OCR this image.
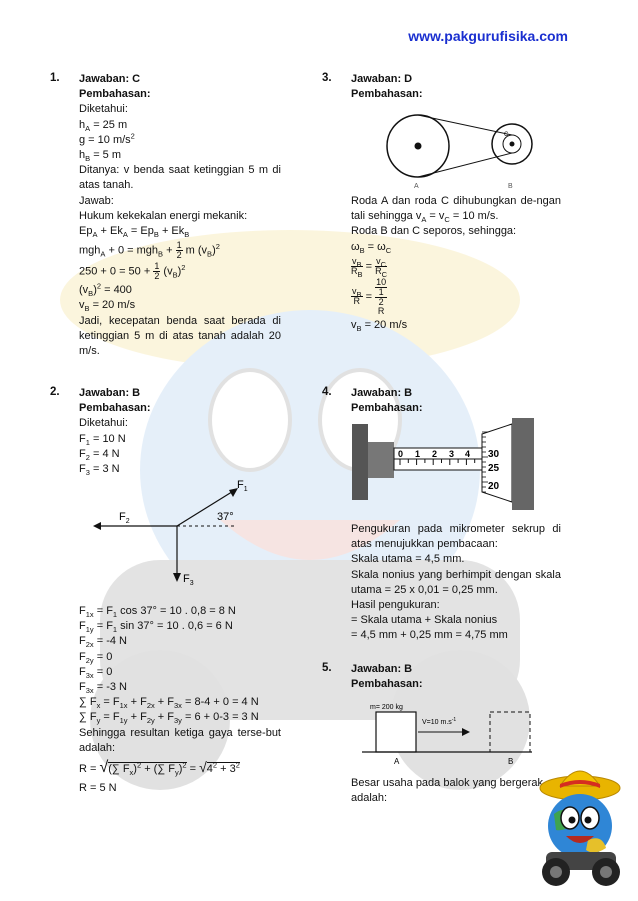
www.pakgurufisika.com
1. Jawaban: C
Pembahasan:
Diketahui:
$h_A = 25$ m
g = 10 $m/s^2$
$h_B = 5$ m
Ditanya: v benda saat ketinggian 5 m di atas tanah.
Jawab:
Hukum kekekalan energi mekanik:
$Ep_A + Ek_A = Ep_B + Ek_B$
$mgh_A + 0 = mgh_B + \frac{1}{2}$ m $(v_B)^2$
$250 + 0 = 50 + \frac{1}{2} (v_B)^2$
$(v_B)^2 = 400$
$v_B = 20$ m/s
Jadi, kecepatan benda saat berada di ketinggian 5 m di atas tanah adalah 20 m/s.
2. Jawaban: B
Pembahasan:
Diketahui:
$F_1 = 10$ N
$F_2 = 4$ N
$F_3 = 3$ N
$F_1$
$F_2$
$F_3$
37°
$F_{1x} = F_1$ cos 37° = 10 . 0,8 = 8 N
$F_{1y} = F_1$ sin 37° = 10 . 0,6 = 6 N
$F_{2x} = -4$ N
$F_{2y} = 0$
$F_{3x} = 0$
$F_{3x} = -3$ N
∑ $F_x = F_{1x} + F_{2x} + F_{3x} = 8-4 + 0 = 4$ N
∑ $F_y = F_{1y} + F_{2y} + F_{3y} = 6 + 0-3 = 3$ N
Sehingga resultan ketiga gaya terse-but adalah:
R = √(∑ $F_x)^2$ + (∑ $F_y)^2 = √4^2 + 3^2$
R = 5 N
3. Jawaban: D
Pembahasan:
C
A	B
Roda A dan roda C dihubungkan de-ngan tali sehingga $v_A = v_C = 10$ m/s.
Roda B dan C seporos, sehingga:
$\omega_B = \omega_C$
$\frac{v_B}{R_B} = \frac{v_C}{R_C}$
$\frac{v_B}{R} = 10$
1
2
R
$v_B = 20$ m/s
4. Jawaban: B
Pembahasan:
0 1 2 3 4 30
25
20
Pengukuran pada mikrometer sekrup di atas menujukkan pembacaan:
Skala utama = 4,5 mm.
Skala nonius yang berhimpit dengan skala utama = 25 x 0,01 = 0,25 mm.
Hasil pengukuran:
= Skala utama + Skala nonius
= 4,5 mm + 0,25 mm = 4,75 mm
5. Jawaban: B
Pembahasan:
m= 200 kg
V=10 $m.s^{-1}$
A	B
Besar usaha pada balok yang bergerak adalah:
